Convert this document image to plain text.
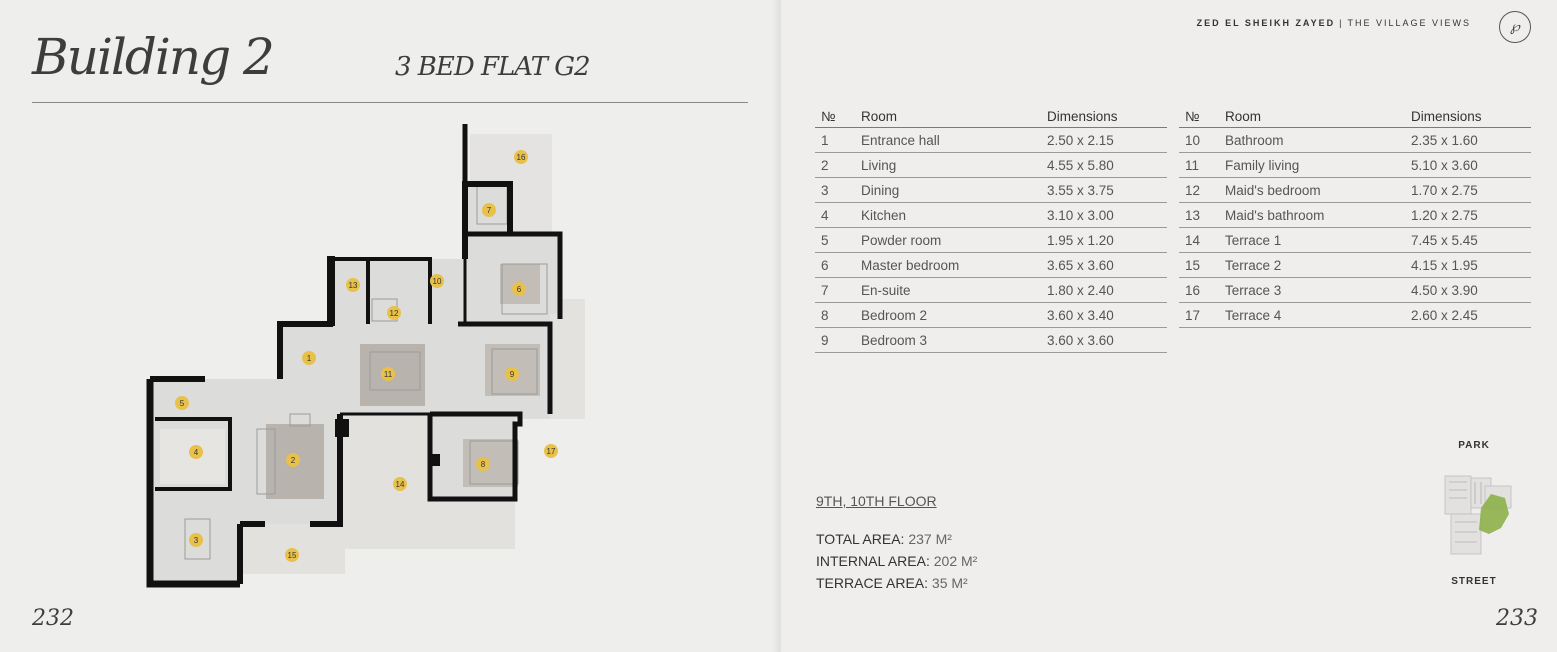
Building 2	3 BED FLAT G2
1
2
3
4
5
6
7
8
9
10
11
12
13
14
15
16
17
232
ZED EL SHEIKH ZAYED | THE VILLAGE VIEWS	℘
№	Room	Dimensions
1	Entrance hall	2.50 x 2.15
2	Living	4.55 x 5.80
3	Dining	3.55 x 3.75
4	Kitchen	3.10 x 3.00
5	Powder room	1.95 x 1.20
6	Master bedroom	3.65 x 3.60
7	En-suite	1.80 x 2.40
8	Bedroom 2	3.60 x 3.40
9	Bedroom 3	3.60 x 3.60
№	Room	Dimensions
10	Bathroom	2.35 x 1.60
11	Family living	5.10 x 3.60
12	Maid's bedroom	1.70 x 2.75
13	Maid's bathroom	1.20 x 2.75
14	Terrace 1	7.45 x 5.45
15	Terrace 2	4.15 x 1.95
16	Terrace 3	4.50 x 3.90
17	Terrace 4	2.60 x 2.45
9TH, 10TH FLOOR
TOTAL AREA: 237 M²
INTERNAL AREA: 202 M²
TERRACE AREA: 35 M²
PARK
STREET
233
